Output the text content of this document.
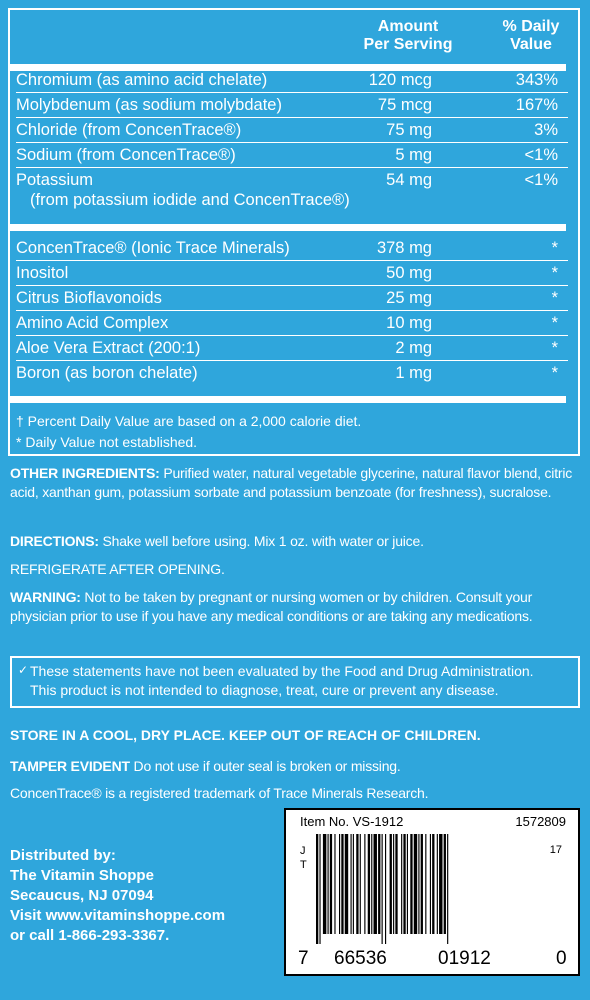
Amount
Per Serving
% Daily
Value
Chromium (as amino acid chelate)	120 mcg	343%
Molybdenum (as sodium molybdate)	75 mcg	167%
Chloride (from ConcenTrace®)	75 mg	3%
Sodium (from ConcenTrace®)	5 mg	<1%
Potassium	54 mg	<1%
(from potassium iodide and ConcenTrace®)
ConcenTrace® (Ionic Trace Minerals)	378 mg	*
Inositol	50 mg	*
Citrus Bioflavonoids	25 mg	*
Amino Acid Complex	10 mg	*
Aloe Vera Extract (200:1)	2 mg	*
Boron (as boron chelate)	1 mg	*
† Percent Daily Value are based on a 2,000 calorie diet.
* Daily Value not established.
OTHER INGREDIENTS: Purified water, natural vegetable glycerine, natural flavor blend, citric acid, xanthan gum, potassium sorbate and potassium benzoate (for freshness), sucralose.
DIRECTIONS: Shake well before using. Mix 1 oz. with water or juice.
REFRIGERATE AFTER OPENING.
WARNING: Not to be taken by pregnant or nursing women or by children. Consult your physician prior to use if you have any medical conditions or are taking any medications.
✓ These statements have not been evaluated by the Food and Drug Administration.
This product is not intended to diagnose, treat, cure or prevent any disease.
STORE IN A COOL, DRY PLACE. KEEP OUT OF REACH OF CHILDREN.
TAMPER EVIDENT Do not use if outer seal is broken or missing.
ConcenTrace® is a registered trademark of Trace Minerals Research.
Item No. VS-1912	1572809
J
T
17
7 66536	01912	0
Distributed by:
The Vitamin Shoppe
Secaucus, NJ 07094
Visit www.vitaminshoppe.com
or call 1-866-293-3367.
